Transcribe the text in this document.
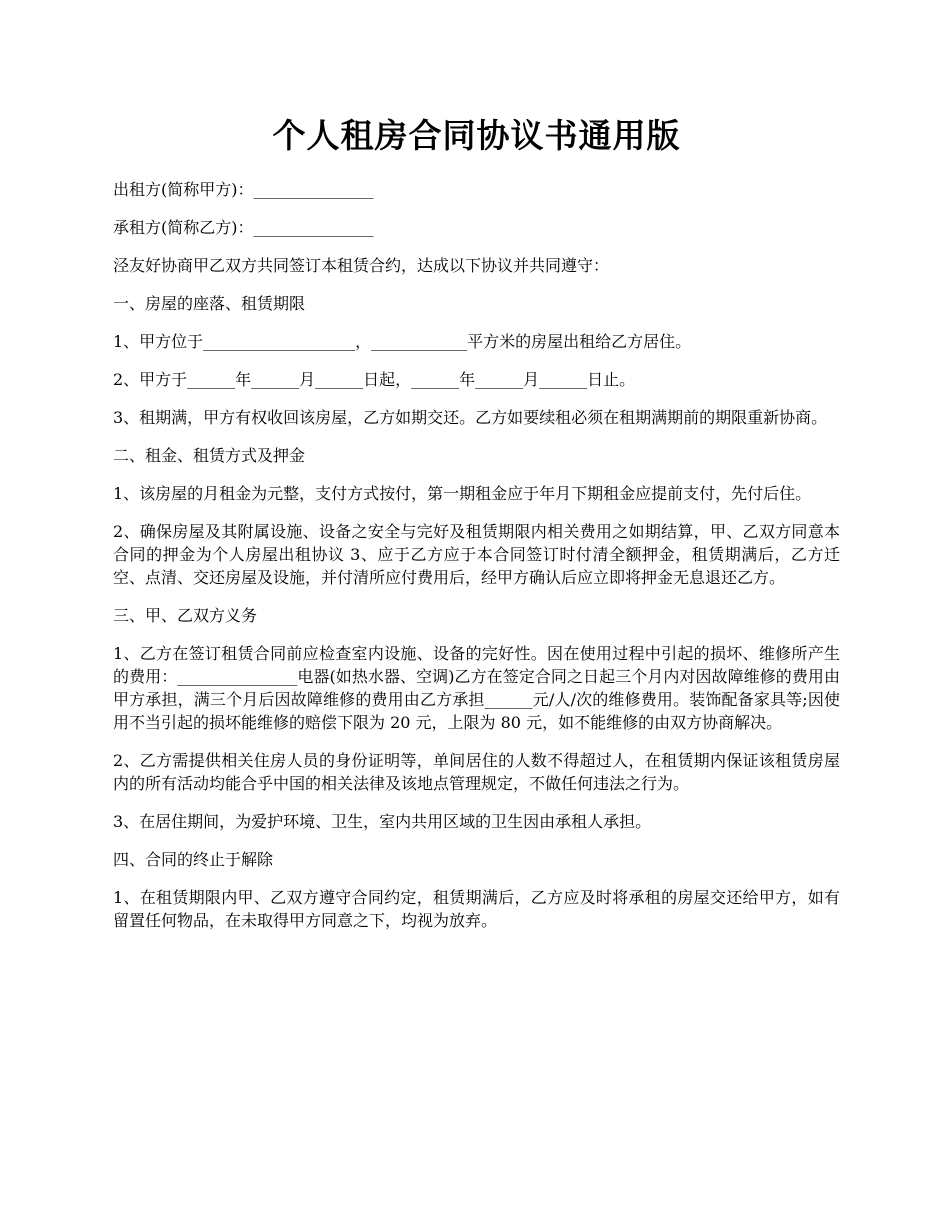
个人租房合同协议书通用版

出租方(简称甲方)：_______________

承租方(简称乙方)：_______________

泾友好协商甲乙双方共同签订本租赁合约，达成以下协议并共同遵守：

一、房屋的座落、租赁期限

1、甲方位于___________________，____________平方米的房屋出租给乙方居住。

2、甲方于______年______月______日起，______年______月______日止。

3、租期满，甲方有权收回该房屋，乙方如期交还。乙方如要续租必须在租期满期前的期限重新协商。

二、租金、租赁方式及押金

1、该房屋的月租金为元整，支付方式按付，第一期租金应于年月下期租金应提前支付，先付后住。

2、确保房屋及其附属设施、设备之安全与完好及租赁期限内相关费用之如期结算，甲、乙双方同意本合同的押金为个人房屋出租协议 3、应于乙方应于本合同签订时付清全额押金，租赁期满后，乙方迁空、点清、交还房屋及设施，并付清所应付费用后，经甲方确认后应立即将押金无息退还乙方。

三、甲、乙双方义务

1、乙方在签订租赁合同前应检查室内设施、设备的完好性。因在使用过程中引起的损坏、维修所产生的费用：_______________电器(如热水器、空调)乙方在签定合同之日起三个月内对因故障维修的费用由甲方承担，满三个月后因故障维修的费用由乙方承担______元/人/次的维修费用。装饰配备家具等;因使用不当引起的损坏能维修的赔偿下限为 20 元，上限为 80 元，如不能维修的由双方协商解决。

2、乙方需提供相关住房人员的身份证明等，单间居住的人数不得超过人，在租赁期内保证该租赁房屋内的所有活动均能合乎中国的相关法律及该地点管理规定，不做任何违法之行为。

3、在居住期间，为爱护环境、卫生，室内共用区域的卫生因由承租人承担。

四、合同的终止于解除

1、在租赁期限内甲、乙双方遵守合同约定，租赁期满后，乙方应及时将承租的房屋交还给甲方，如有留置任何物品，在未取得甲方同意之下，均视为放弃。
